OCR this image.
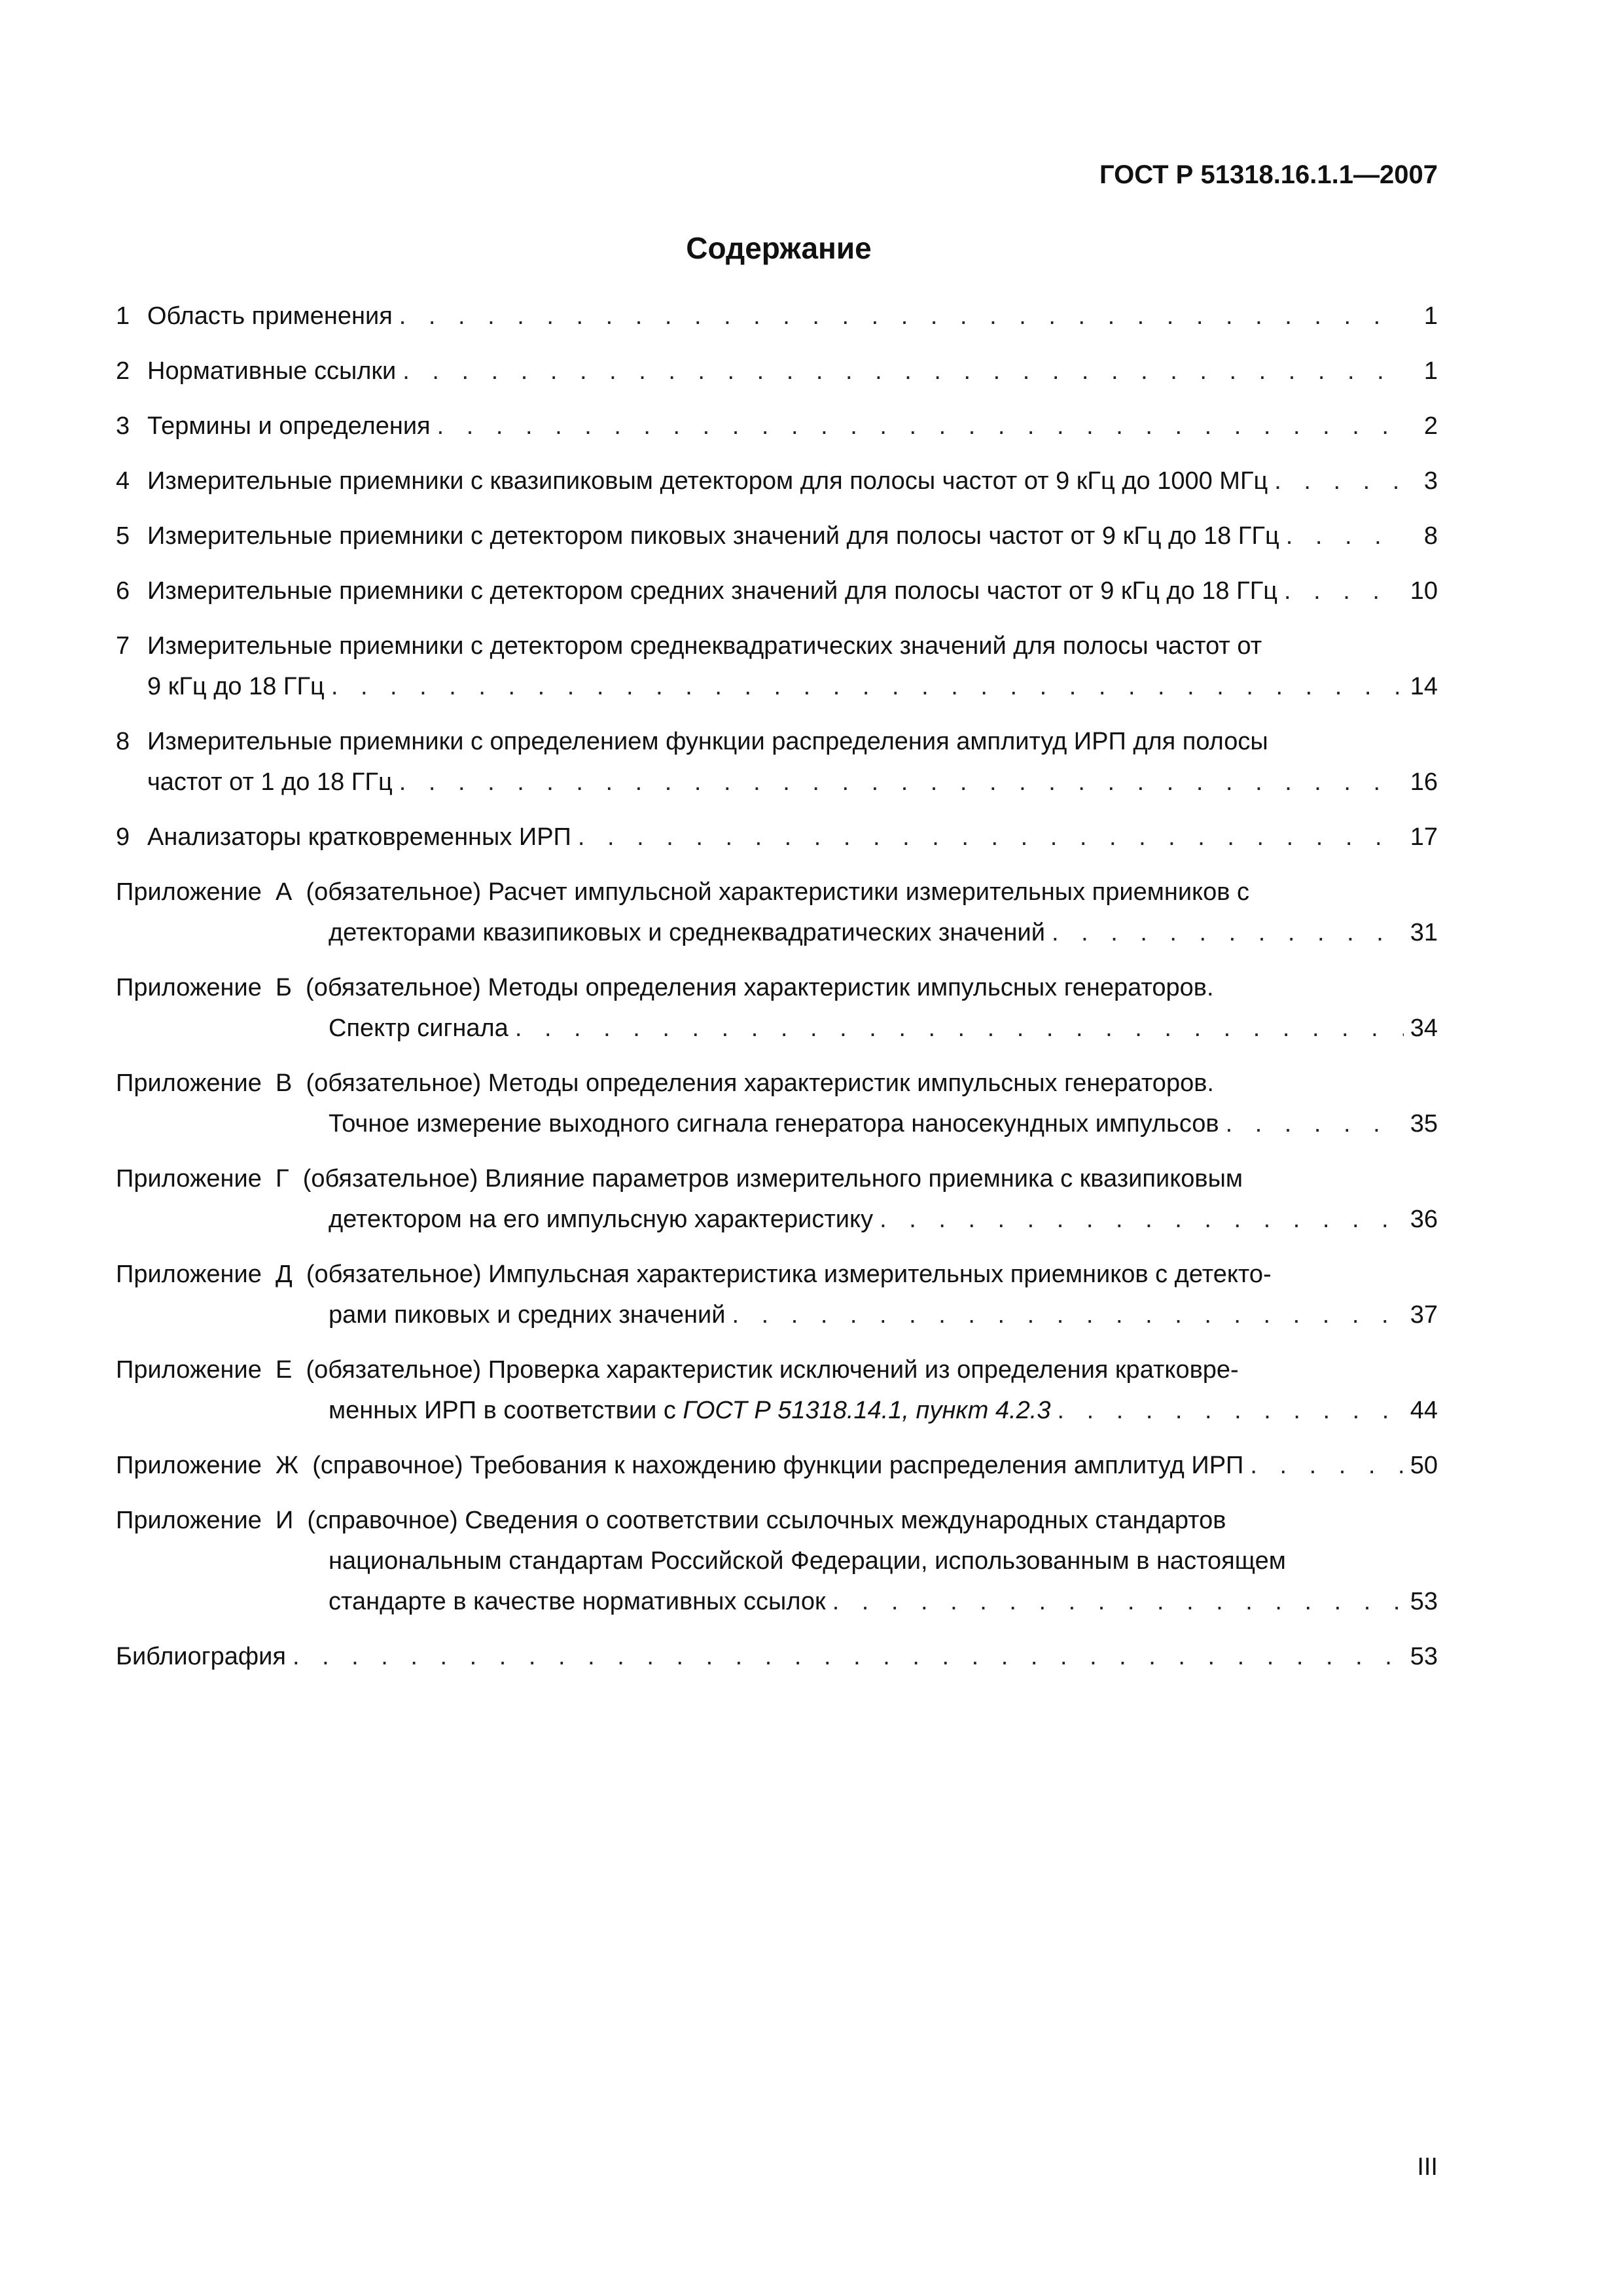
ГОСТ Р 51318.16.1.1—2007
Содержание
1 Область применения . . .	1
2 Нормативные ссылки . . .	1
3 Термины и определения . . .	2
4 Измерительные приемники с квазипиковым детектором для полосы частот от 9 кГц до 1000 МГц . . .	3
5 Измерительные приемники с детектором пиковых значений для полосы частот от 9 кГц до 18 ГГц . . .	8
6 Измерительные приемники с детектором средних значений для полосы частот от 9 кГц до 18 ГГц . . .	10
7 Измерительные приемники с детектором среднеквадратических значений для полосы частот от
9 кГц до 18 ГГц . . .	14
8 Измерительные приемники с определением функции распределения амплитуд ИРП для полосы
частот от 1 до 18 ГГц . . .	16
9 Анализаторы кратковременных ИРП . . .	17
Приложение  А (обязательное) Расчет импульсной характеристики измерительных приемников с
детекторами квазипиковых и среднеквадратических значений . . .	31
Приложение  Б (обязательное) Методы определения характеристик импульсных генераторов.
Спектр сигнала . . .	34
Приложение  В (обязательное) Методы определения характеристик импульсных генераторов.
Точное измерение выходного сигнала генератора наносекундных импульсов . . .	35
Приложение  Г (обязательное) Влияние параметров измерительного приемника с квазипиковым
детектором на его импульсную характеристику . . .	36
Приложение  Д (обязательное) Импульсная характеристика измерительных приемников с детекто-
рами пиковых и средних значений . . .	37
Приложение  Е (обязательное) Проверка характеристик исключений из определения кратковре-
менных ИРП в соответствии с ГОСТ Р 51318.14.1, пункт 4.2.3 . . .	44
Приложение  Ж (справочное) Требования к нахождению функции распределения амплитуд ИРП . . .	50
Приложение  И (справочное) Сведения о соответствии ссылочных международных стандартов
национальным стандартам Российской Федерации, использованным в настоящем
стандарте в качестве нормативных ссылок . . .	53
Библиография . . .	53
III
